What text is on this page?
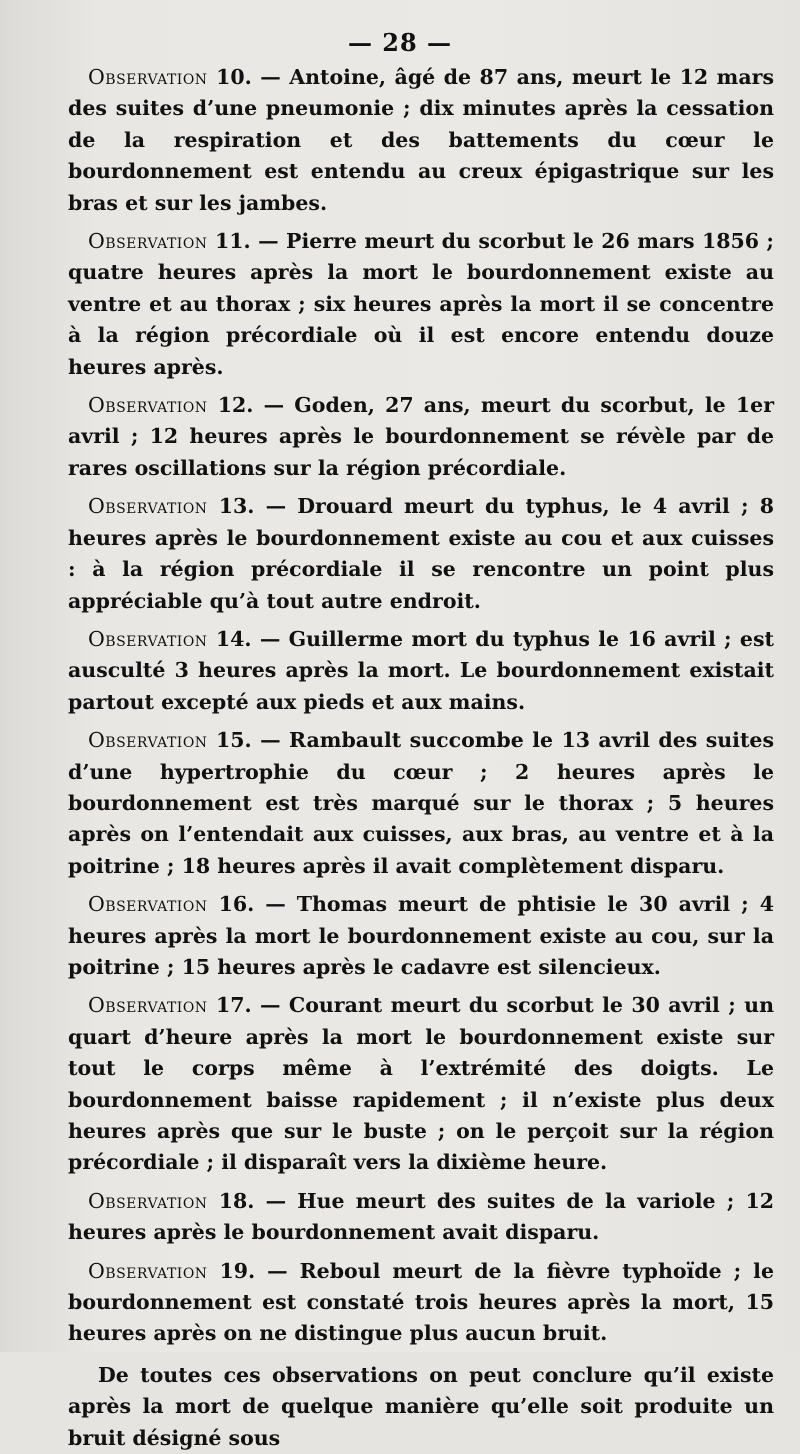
— 28 —

Observation 10. — Antoine, âgé de 87 ans, meurt le 12 mars des suites d’une pneumonie ; dix minutes après la cessation de la respiration et des battements du cœur le bourdonnement est entendu au creux épigastrique sur les bras et sur les jambes.

Observation 11. — Pierre meurt du scorbut le 26 mars 1856 ; quatre heures après la mort le bourdonnement existe au ventre et au thorax ; six heures après la mort il se concentre à la région précordiale où il est encore entendu douze heures après.

Observation 12. — Goden, 27 ans, meurt du scorbut, le 1er avril ; 12 heures après le bourdonnement se révèle par de rares oscillations sur la région précordiale.

Observation 13. — Drouard meurt du typhus, le 4 avril ; 8 heures après le bourdonnement existe au cou et aux cuisses : à la région précordiale il se rencontre un point plus appréciable qu’à tout autre endroit.

Observation 14. — Guillerme mort du typhus le 16 avril ; est ausculté 3 heures après la mort. Le bourdonnement existait partout excepté aux pieds et aux mains.

Observation 15. — Rambault succombe le 13 avril des suites d’une hypertrophie du cœur ; 2 heures après le bourdonnement est très marqué sur le thorax ; 5 heures après on l’entendait aux cuisses, aux bras, au ventre et à la poitrine ; 18 heures après il avait complètement disparu.

Observation 16. — Thomas meurt de phtisie le 30 avril ; 4 heures après la mort le bourdonnement existe au cou, sur la poitrine ; 15 heures après le cadavre est silencieux.

Observation 17. — Courant meurt du scorbut le 30 avril ; un quart d’heure après la mort le bourdonnement existe sur tout le corps même à l’extrémité des doigts. Le bourdonnement baisse rapidement ; il n’existe plus deux heures après que sur le buste ; on le perçoit sur la région précordiale ; il disparaît vers la dixième heure.

Observation 18. — Hue meurt des suites de la variole ; 12 heures après le bourdonnement avait disparu.

Observation 19. — Reboul meurt de la fièvre typhoïde ; le bourdonnement est constaté trois heures après la mort, 15 heures après on ne distingue plus aucun bruit.

De toutes ces observations on peut conclure qu’il existe après la mort de quelque manière qu’elle soit produite un bruit désigné sous
